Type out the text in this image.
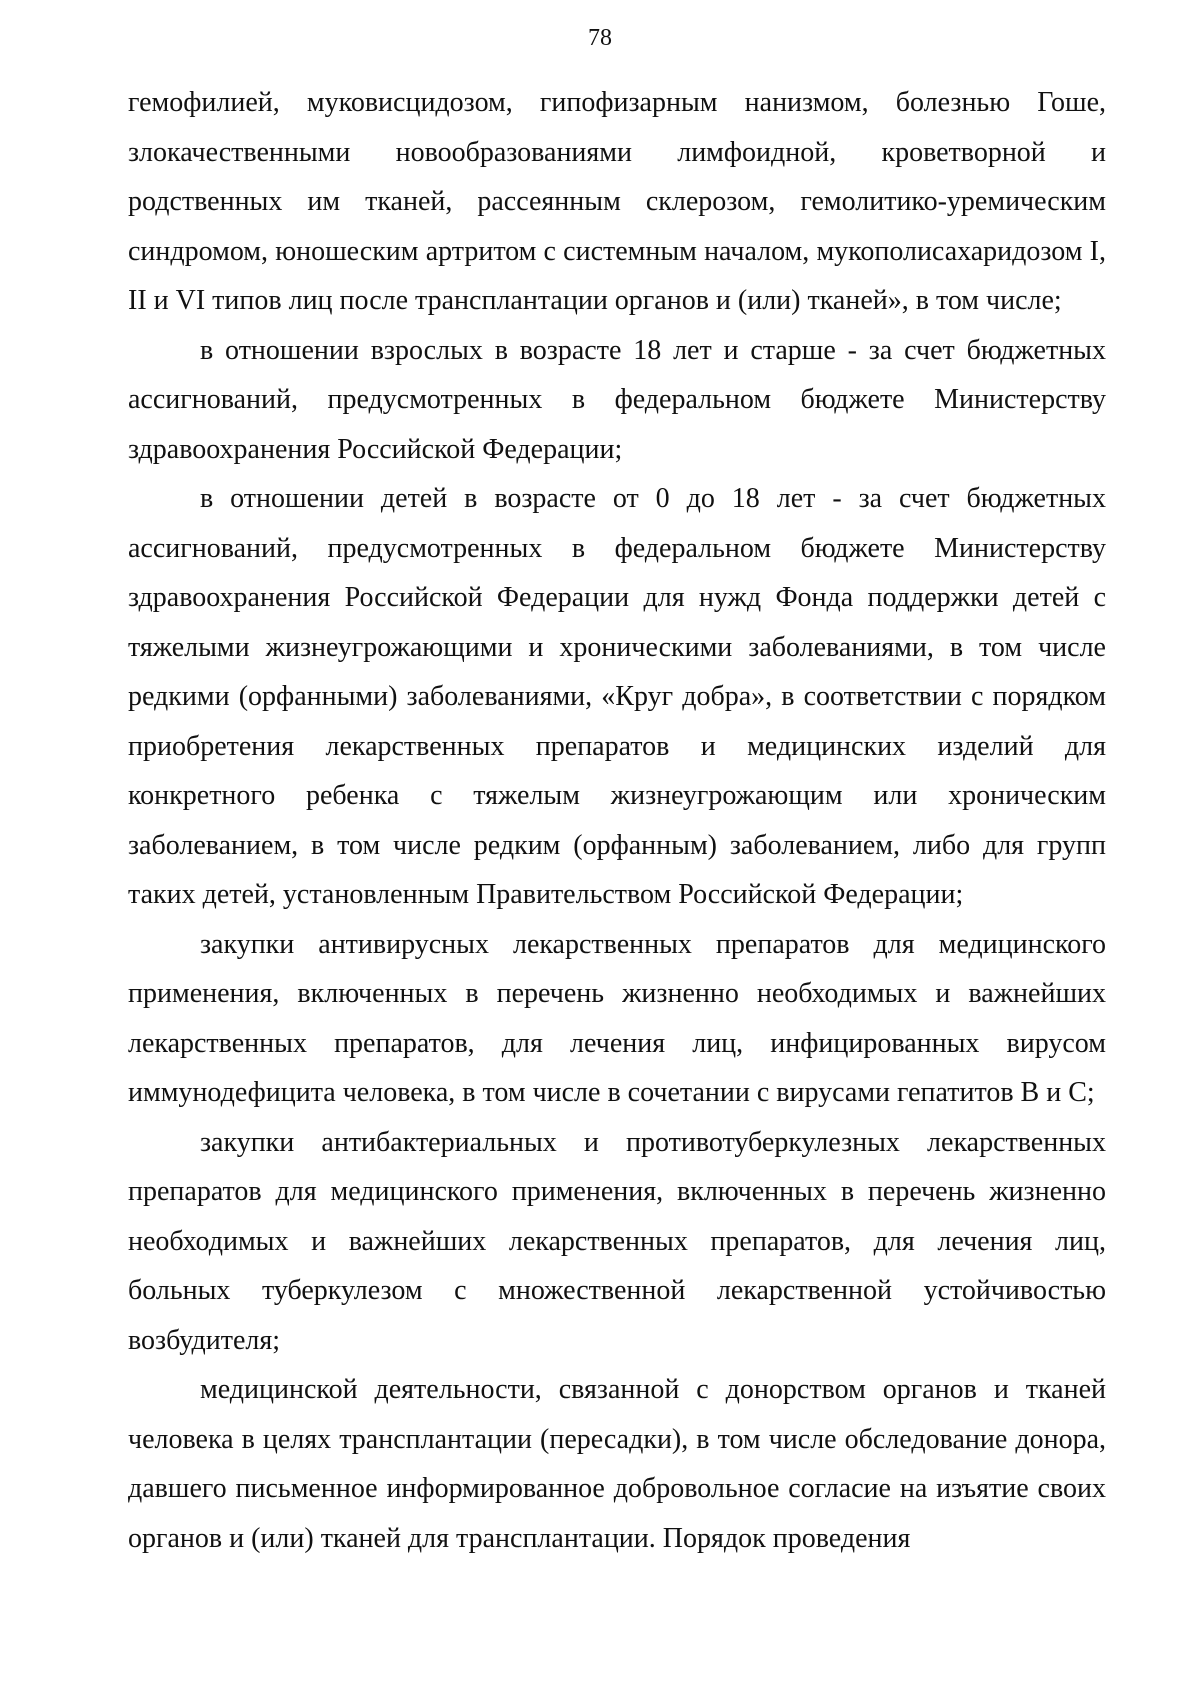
78

гемофилией, муковисцидозом, гипофизарным нанизмом, болезнью Гоше, злокачественными новообразованиями лимфоидной, кроветворной и родственных им тканей, рассеянным склерозом, гемолитико-уремическим синдромом, юношеским артритом с системным началом, мукополисахаридозом I, II и VI типов лиц после трансплантации органов и (или) тканей», в том числе;

в отношении взрослых в возрасте 18 лет и старше - за счет бюджетных ассигнований, предусмотренных в федеральном бюджете Министерству здравоохранения Российской Федерации;

в отношении детей в возрасте от 0 до 18 лет - за счет бюджетных ассигнований, предусмотренных в федеральном бюджете Министерству здравоохранения Российской Федерации для нужд Фонда поддержки детей с тяжелыми жизнеугрожающими и хроническими заболеваниями, в том числе редкими (орфанными) заболеваниями, «Круг добра», в соответствии с порядком приобретения лекарственных препаратов и медицинских изделий для конкретного ребенка с тяжелым жизнеугрожающим или хроническим заболеванием, в том числе редким (орфанным) заболеванием, либо для групп таких детей, установленным Правительством Российской Федерации;

закупки антивирусных лекарственных препаратов для медицинского применения, включенных в перечень жизненно необходимых и важнейших лекарственных препаратов, для лечения лиц, инфицированных вирусом иммунодефицита человека, в том числе в сочетании с вирусами гепатитов В и С;

закупки антибактериальных и противотуберкулезных лекарственных препаратов для медицинского применения, включенных в перечень жизненно необходимых и важнейших лекарственных препаратов, для лечения лиц, больных туберкулезом с множественной лекарственной устойчивостью возбудителя;

медицинской деятельности, связанной с донорством органов и тканей человека в целях трансплантации (пересадки), в том числе обследование донора, давшего письменное информированное добровольное согласие на изъятие своих органов и (или) тканей для трансплантации. Порядок проведения
